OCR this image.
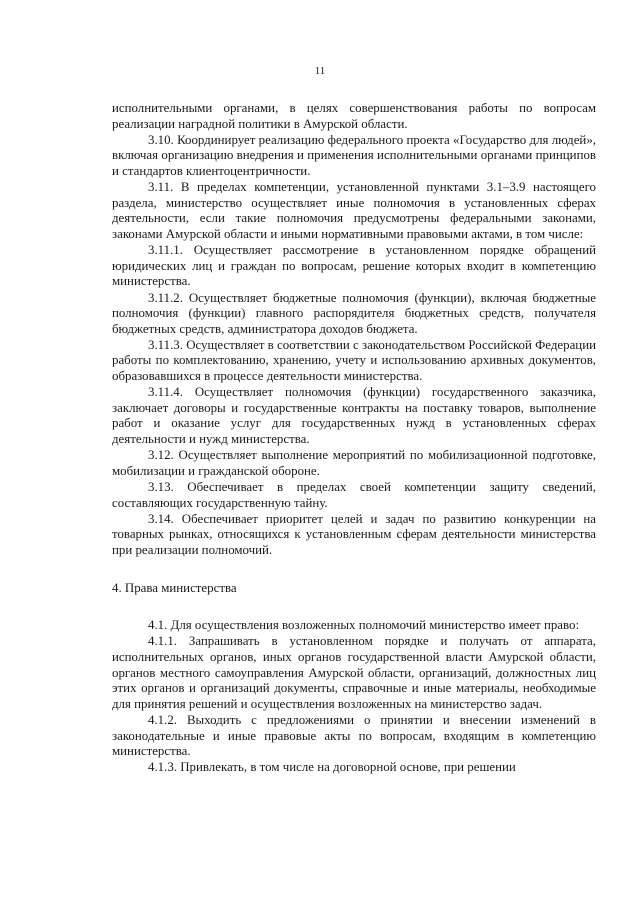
11

исполнительными органами, в целях совершенствования работы по вопросам реализации наградной политики в Амурской области.

3.10. Координирует реализацию федерального проекта «Государство для людей», включая организацию внедрения и применения исполнительными органами принципов и стандартов клиентоцентричности.

3.11. В пределах компетенции, установленной пунктами 3.1–3.9 настоящего раздела, министерство осуществляет иные полномочия в установленных сферах деятельности, если такие полномочия предусмотрены федеральными законами, законами Амурской области и иными нормативными правовыми актами, в том числе:

3.11.1. Осуществляет рассмотрение в установленном порядке обращений юридических лиц и граждан по вопросам, решение которых входит в компетенцию министерства.

3.11.2. Осуществляет бюджетные полномочия (функции), включая бюджетные полномочия (функции) главного распорядителя бюджетных средств, получателя бюджетных средств, администратора доходов бюджета.

3.11.3. Осуществляет в соответствии с законодательством Российской Федерации работы по комплектованию, хранению, учету и использованию архивных документов, образовавшихся в процессе деятельности министерства.

3.11.4. Осуществляет полномочия (функции) государственного заказчика, заключает договоры и государственные контракты на поставку товаров, выполнение работ и оказание услуг для государственных нужд в установленных сферах деятельности и нужд министерства.

3.12. Осуществляет выполнение мероприятий по мобилизационной подготовке, мобилизации и гражданской обороне.

3.13. Обеспечивает в пределах своей компетенции защиту сведений, составляющих государственную тайну.

3.14. Обеспечивает приоритет целей и задач по развитию конкуренции на товарных рынках, относящихся к установленным сферам деятельности министерства при реализации полномочий.

4. Права министерства

4.1. Для осуществления возложенных полномочий министерство имеет право:

4.1.1. Запрашивать в установленном порядке и получать от аппарата, исполнительных органов, иных органов государственной власти Амурской области, органов местного самоуправления Амурской области, организаций, должностных лиц этих органов и организаций документы, справочные и иные материалы, необходимые для принятия решений и осуществления возложенных на министерство задач.

4.1.2. Выходить с предложениями о принятии и внесении изменений в законодательные и иные правовые акты по вопросам, входящим в компетенцию министерства.

4.1.3. Привлекать, в том числе на договорной основе, при решении
